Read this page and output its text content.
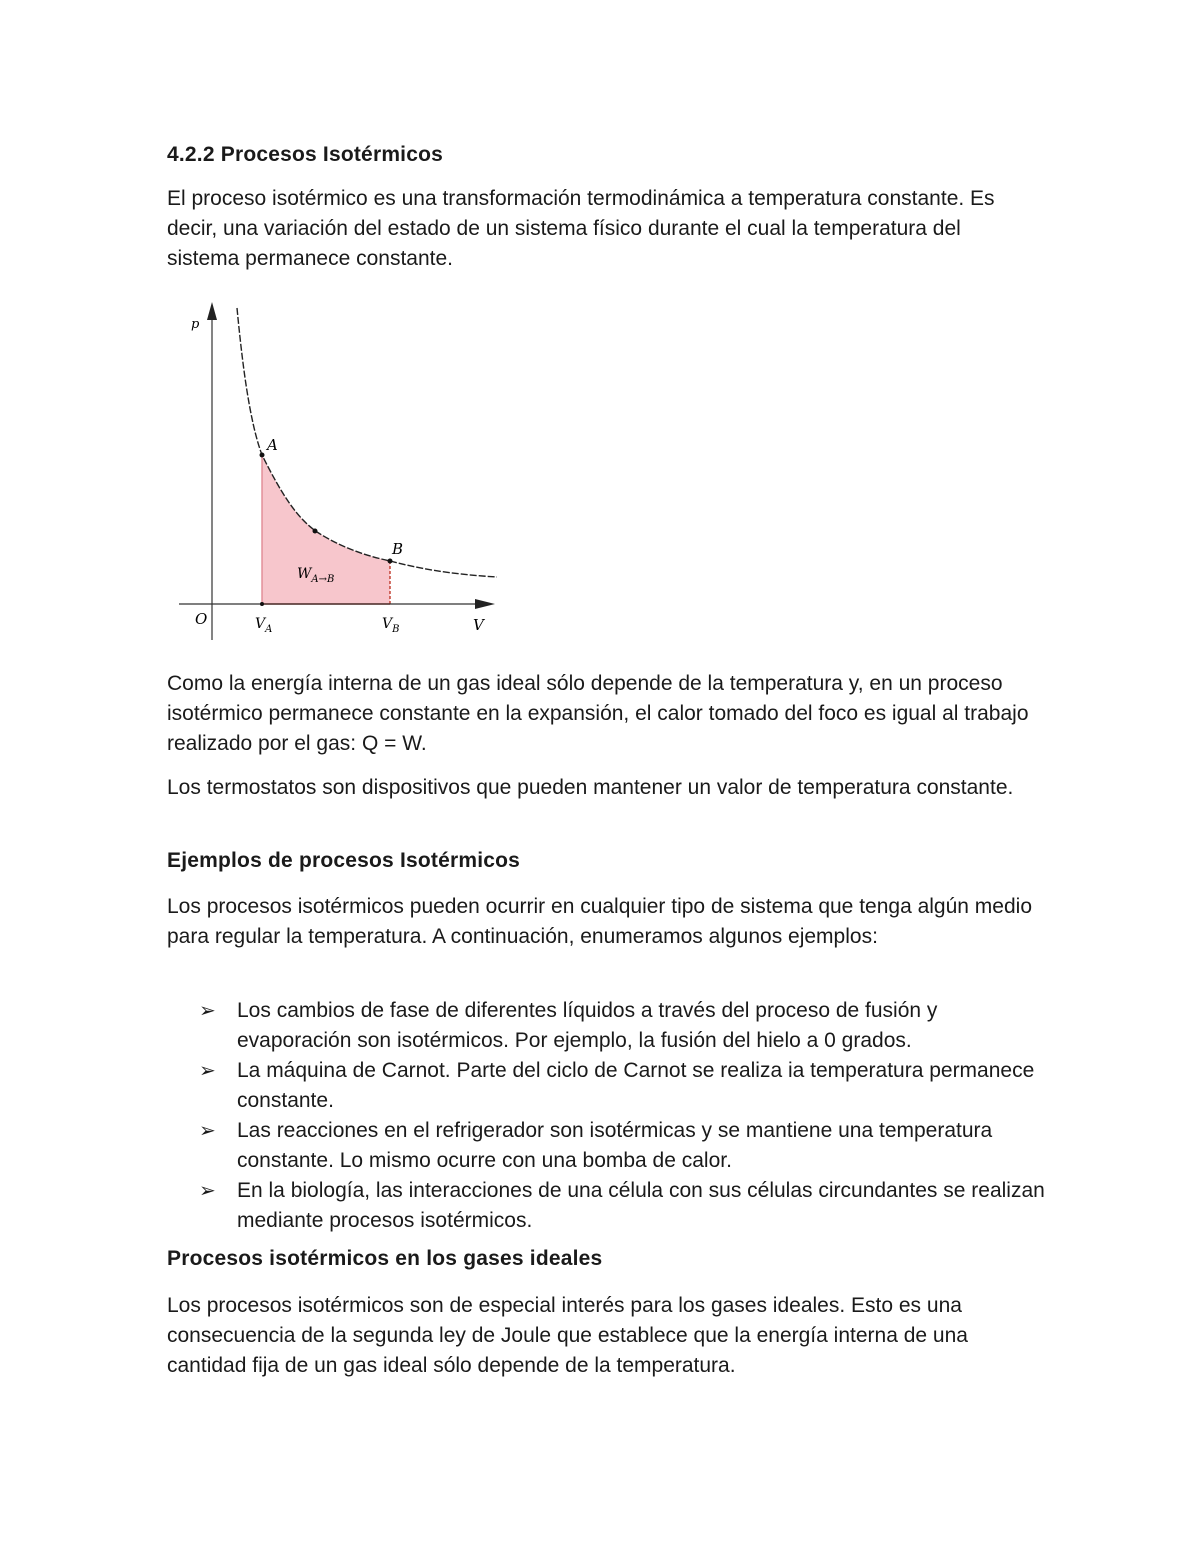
4.2.2 Procesos Isotérmicos

El proceso isotérmico es una transformación termodinámica a temperatura constante. Es decir, una variación del estado de un sistema físico durante el cual la temperatura del sistema permanece constante.

p
V
O
A
B
$V_A$	$V_B$
$W_{A\to B}$

Como la energía interna de un gas ideal sólo depende de la temperatura y, en un proceso isotérmico permanece constante en la expansión, el calor tomado del foco es igual al trabajo realizado por el gas: Q = W.

Los termostatos son dispositivos que pueden mantener un valor de temperatura constante.

Ejemplos de procesos Isotérmicos

Los procesos isotérmicos pueden ocurrir en cualquier tipo de sistema que tenga algún medio para regular la temperatura. A continuación, enumeramos algunos ejemplos:

➢ Los cambios de fase de diferentes líquidos a través del proceso de fusión y evaporación son isotérmicos. Por ejemplo, la fusión del hielo a 0 grados.
➢ La máquina de Carnot. Parte del ciclo de Carnot se realiza ia temperatura permanece constante.
➢ Las reacciones en el refrigerador son isotérmicas y se mantiene una temperatura constante. Lo mismo ocurre con una bomba de calor.
➢ En la biología, las interacciones de una célula con sus células circundantes se realizan mediante procesos isotérmicos.
Procesos isotérmicos en los gases ideales

Los procesos isotérmicos son de especial interés para los gases ideales. Esto es una consecuencia de la segunda ley de Joule que establece que la energía interna de una cantidad fija de un gas ideal sólo depende de la temperatura.
